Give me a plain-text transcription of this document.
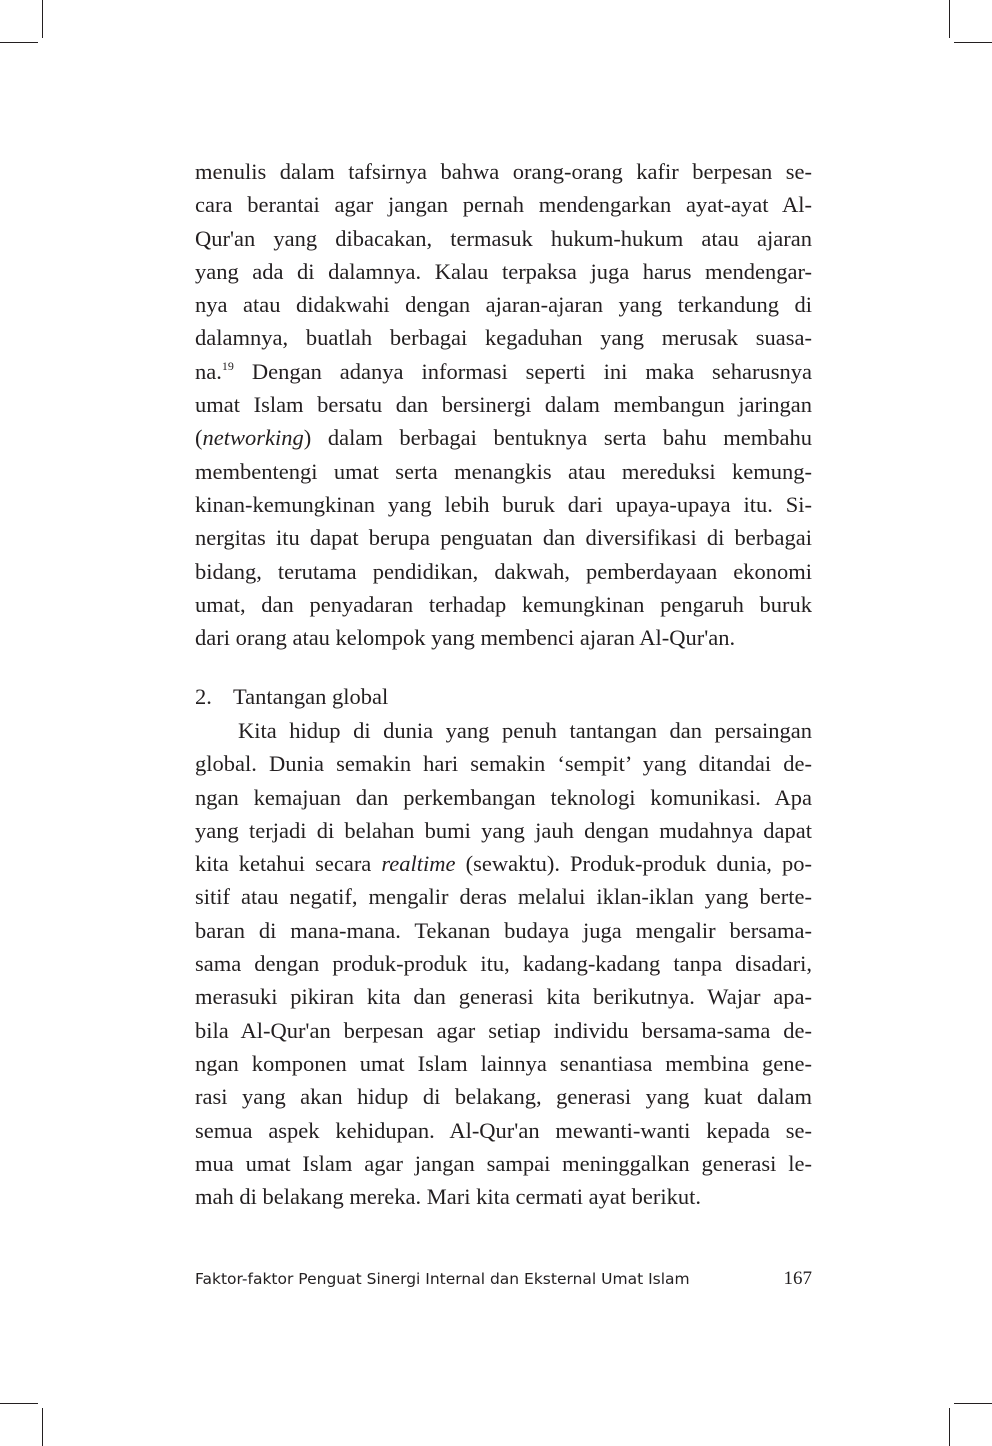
menulis dalam tafsirnya bahwa orang-orang kafir berpesan se-
cara berantai agar jangan pernah mendengarkan ayat-ayat Al-
Qur'an yang dibacakan, termasuk hukum-hukum atau ajaran
yang ada di dalamnya. Kalau terpaksa juga harus mendengar-
nya atau didakwahi dengan ajaran-ajaran yang terkandung di
dalamnya, buatlah berbagai kegaduhan yang merusak suasa-
na.$^{19}$ Dengan adanya informasi seperti ini maka seharusnya
umat Islam bersatu dan bersinergi dalam membangun jaringan
(networking) dalam berbagai bentuknya serta bahu membahu
membentengi umat serta menangkis atau mereduksi kemung-
kinan-kemungkinan yang lebih buruk dari upaya-upaya itu. Si-
nergitas itu dapat berupa penguatan dan diversifikasi di berbagai
bidang, terutama pendidikan, dakwah, pemberdayaan ekonomi
umat, dan penyadaran terhadap kemungkinan pengaruh buruk
dari orang atau kelompok yang membenci ajaran Al-Qur'an.
2. Tantangan global
Kita hidup di dunia yang penuh tantangan dan persaingan
global. Dunia semakin hari semakin ‘sempit’ yang ditandai de-
ngan kemajuan dan perkembangan teknologi komunikasi. Apa
yang terjadi di belahan bumi yang jauh dengan mudahnya dapat
kita ketahui secara realtime (sewaktu). Produk-produk dunia, po-
sitif atau negatif, mengalir deras melalui iklan-iklan yang berte-
baran di mana-mana. Tekanan budaya juga mengalir bersama-
sama dengan produk-produk itu, kadang-kadang tanpa disadari,
merasuki pikiran kita dan generasi kita berikutnya. Wajar apa-
bila Al-Qur'an berpesan agar setiap individu bersama-sama de-
ngan komponen umat Islam lainnya senantiasa membina gene-
rasi yang akan hidup di belakang, generasi yang kuat dalam
semua aspek kehidupan. Al-Qur'an mewanti-wanti kepada se-
mua umat Islam agar jangan sampai meninggalkan generasi le-
mah di belakang mereka. Mari kita cermati ayat berikut.
Faktor-faktor Penguat Sinergi Internal dan Eksternal Umat Islam	167
